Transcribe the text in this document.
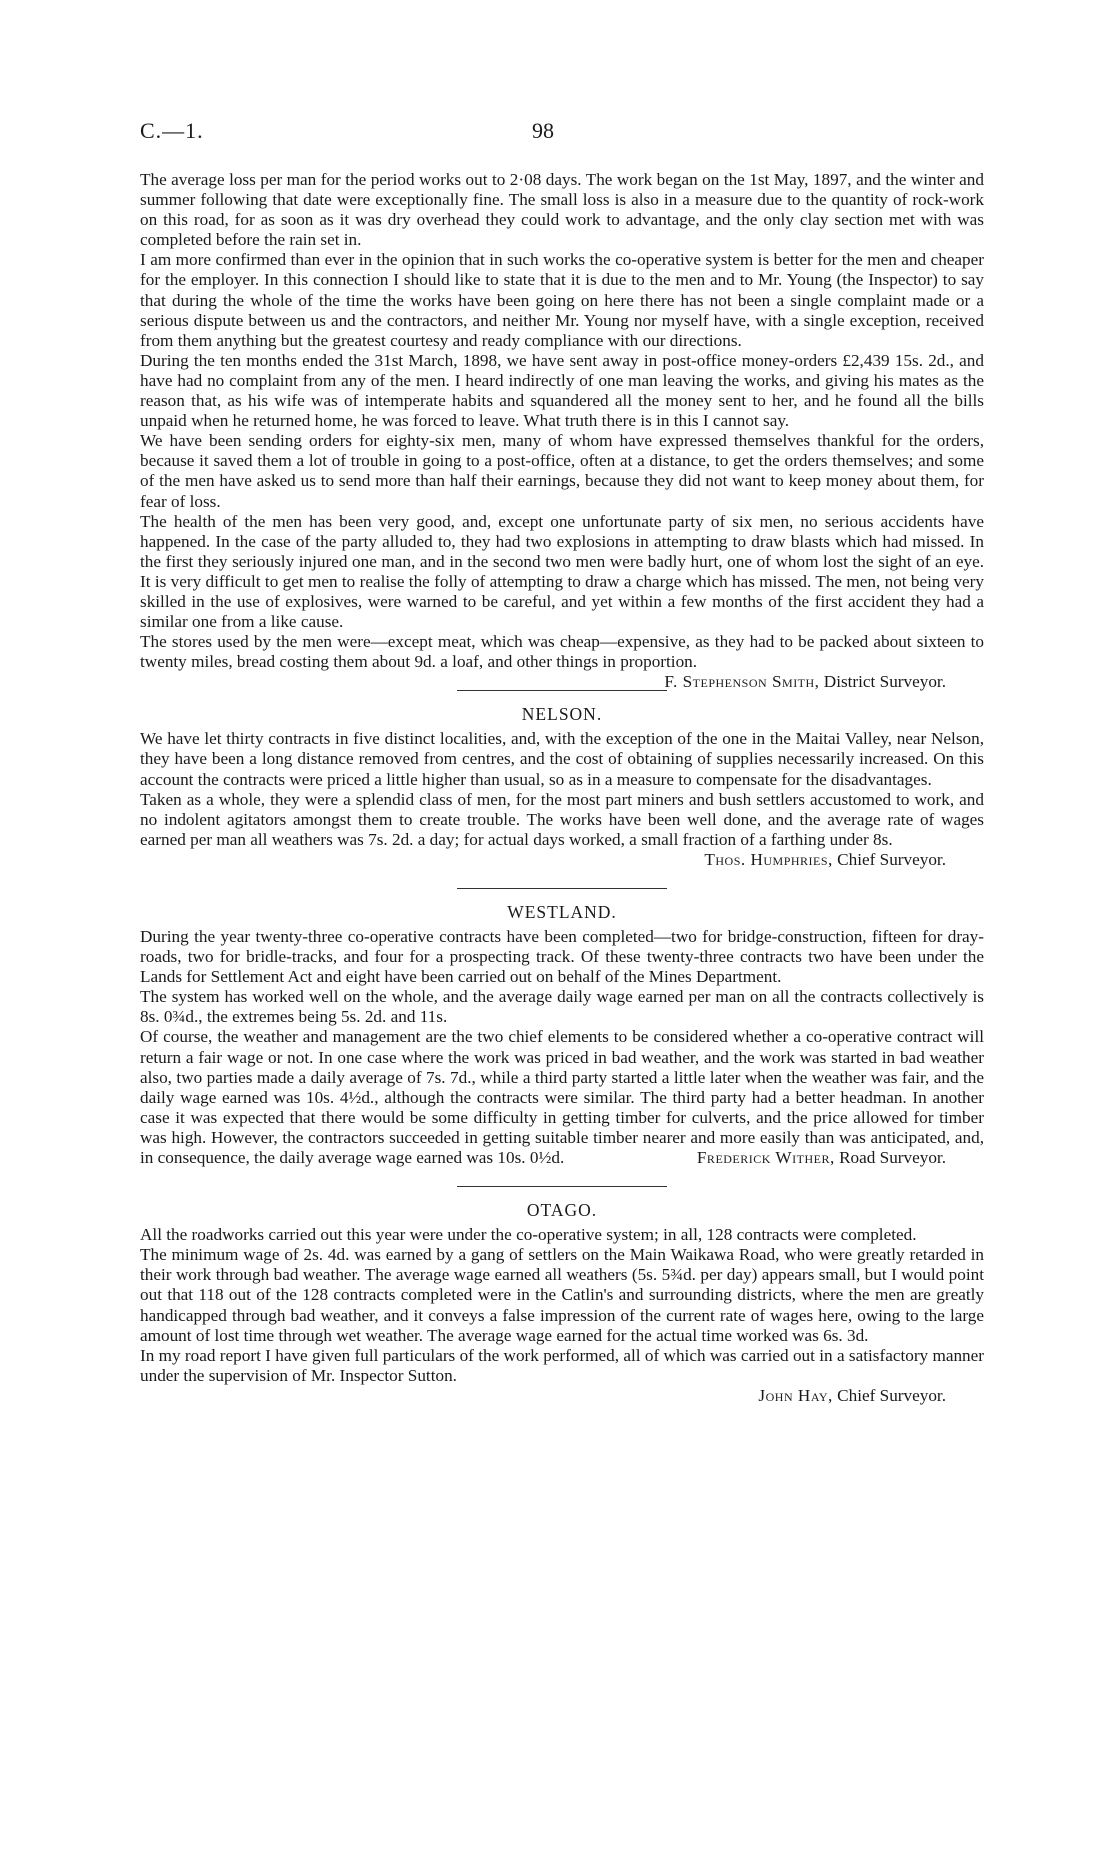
C.—1.	98

The average loss per man for the period works out to 2·08 days. The work began on the 1st May, 1897, and the winter and summer following that date were exceptionally fine. The small loss is also in a measure due to the quantity of rock-work on this road, for as soon as it was dry overhead they could work to advantage, and the only clay section met with was completed before the rain set in.

I am more confirmed than ever in the opinion that in such works the co-operative system is better for the men and cheaper for the employer. In this connection I should like to state that it is due to the men and to Mr. Young (the Inspector) to say that during the whole of the time the works have been going on here there has not been a single complaint made or a serious dispute between us and the contractors, and neither Mr. Young nor myself have, with a single exception, received from them anything but the greatest courtesy and ready compliance with our directions.

During the ten months ended the 31st March, 1898, we have sent away in post-office money-orders £2,439 15s. 2d., and have had no complaint from any of the men. I heard indirectly of one man leaving the works, and giving his mates as the reason that, as his wife was of intemperate habits and squandered all the money sent to her, and he found all the bills unpaid when he returned home, he was forced to leave. What truth there is in this I cannot say.

We have been sending orders for eighty-six men, many of whom have expressed themselves thankful for the orders, because it saved them a lot of trouble in going to a post-office, often at a distance, to get the orders themselves; and some of the men have asked us to send more than half their earnings, because they did not want to keep money about them, for fear of loss.

The health of the men has been very good, and, except one unfortunate party of six men, no serious accidents have happened. In the case of the party alluded to, they had two explosions in attempting to draw blasts which had missed. In the first they seriously injured one man, and in the second two men were badly hurt, one of whom lost the sight of an eye. It is very difficult to get men to realise the folly of attempting to draw a charge which has missed. The men, not being very skilled in the use of explosives, were warned to be careful, and yet within a few months of the first accident they had a similar one from a like cause.

The stores used by the men were—except meat, which was cheap—expensive, as they had to be packed about sixteen to twenty miles, bread costing them about 9d. a loaf, and other things in proportion.
F. Stephenson Smith, District Surveyor.

NELSON.

We have let thirty contracts in five distinct localities, and, with the exception of the one in the Maitai Valley, near Nelson, they have been a long distance removed from centres, and the cost of obtaining of supplies necessarily increased. On this account the contracts were priced a little higher than usual, so as in a measure to compensate for the disadvantages.

Taken as a whole, they were a splendid class of men, for the most part miners and bush settlers accustomed to work, and no indolent agitators amongst them to create trouble. The works have been well done, and the average rate of wages earned per man all weathers was 7s. 2d. a day; for actual days worked, a small fraction of a farthing under 8s.

Thos. Humphries, Chief Surveyor.

WESTLAND.

During the year twenty-three co-operative contracts have been completed—two for bridge-construction, fifteen for dray-roads, two for bridle-tracks, and four for a prospecting track. Of these twenty-three contracts two have been under the Lands for Settlement Act and eight have been carried out on behalf of the Mines Department.

The system has worked well on the whole, and the average daily wage earned per man on all the contracts collectively is 8s. 0¾d., the extremes being 5s. 2d. and 11s.

Of course, the weather and management are the two chief elements to be considered whether a co-operative contract will return a fair wage or not. In one case where the work was priced in bad weather, and the work was started in bad weather also, two parties made a daily average of 7s. 7d., while a third party started a little later when the weather was fair, and the daily wage earned was 10s. 4½d., although the contracts were similar. The third party had a better headman. In another case it was expected that there would be some difficulty in getting timber for culverts, and the price allowed for timber was high. However, the contractors succeeded in getting suitable timber nearer and more easily than was anticipated, and, in consequence, the daily average wage earned was 10s. 0½d.	Frederick Wither, Road Surveyor.

OTAGO.

All the roadworks carried out this year were under the co-operative system; in all, 128 contracts were completed.

The minimum wage of 2s. 4d. was earned by a gang of settlers on the Main Waikawa Road, who were greatly retarded in their work through bad weather. The average wage earned all weathers (5s. 5¾d. per day) appears small, but I would point out that 118 out of the 128 contracts completed were in the Catlin's and surrounding districts, where the men are greatly handicapped through bad weather, and it conveys a false impression of the current rate of wages here, owing to the large amount of lost time through wet weather. The average wage earned for the actual time worked was 6s. 3d.

In my road report I have given full particulars of the work performed, all of which was carried out in a satisfactory manner under the supervision of Mr. Inspector Sutton.

John Hay, Chief Surveyor.
